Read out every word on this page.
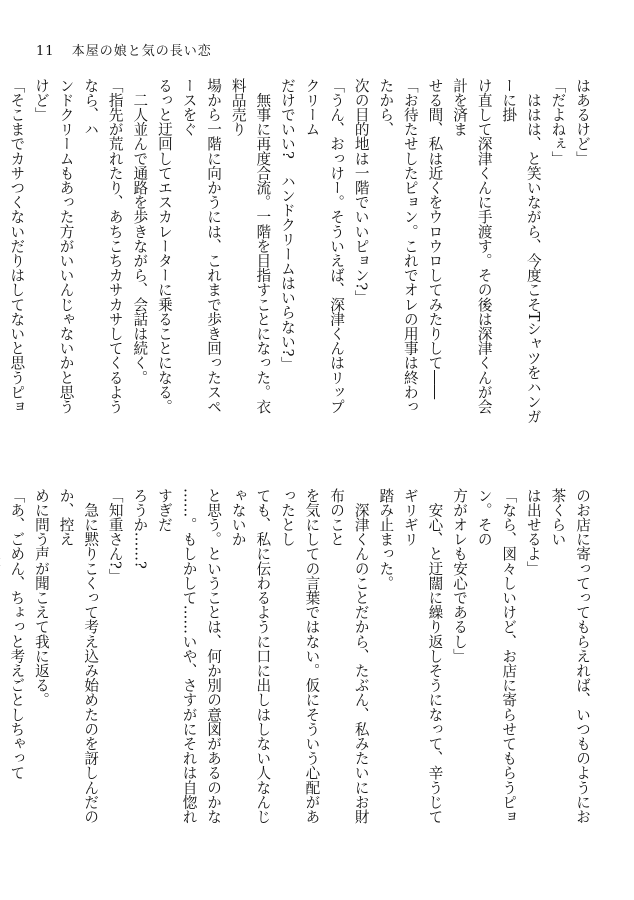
11 本屋の娘と気の長い恋

はあるけど」

「だよねぇ」

　ははは、と笑いながら、今度こそTシャツをハンガーに掛

け直して深津くんに手渡す。その後は深津くんが会計を済ま

せる間、私は近くをウロウロしてみたりして――

「お待たせしたピョン。これでオレの用事は終わったから、

次の目的地は一階でいいピョン?」

「うん、おっけー。そういえば、深津くんはリップクリーム

だけでいい?　ハンドクリームはいらない?」

　無事に再度合流。一階を目指すことになった。衣料品売り

場から一階に向かうには、これまで歩き回ったスペースをぐ

るっと迂回してエスカレーターに乗ることになる。

　二人並んで通路を歩きながら、会話は続く。

「指先が荒れたり、あちこちカサカサしてくるようなら、ハ

ンドクリームもあった方がいいんじゃないかと思うけど」

「そこまでカサつくないだりはしてないと思うピョ

のお店に寄ってってもらえれば、いつものようにお茶くらい

は出せるよ」

「なら、図々しいけど、お店に寄らせてもらうピョン。その

方がオレも安心であるし」

　安心、と迂闊に繰り返しそうになって、辛うじてギリギリ

踏み止まった。

　深津くんのことだから、たぶん、私みたいにお財布のこと

を気にしての言葉ではない。仮にそういう心配があったとし

ても、私に伝わるように口に出しはしない人なんじゃないか

と思う。ということは、何か別の意図があるのかな

……。もしかして……いや、さすがにそれは自惚れすぎだ

ろうか……?

「知重さん?」

　急に黙りこくって考え込み始めたのを訝しんだのか、控え

めに問う声が聞こえて我に返る。

「あ、ごめん、ちょっと考えごとしちゃって
